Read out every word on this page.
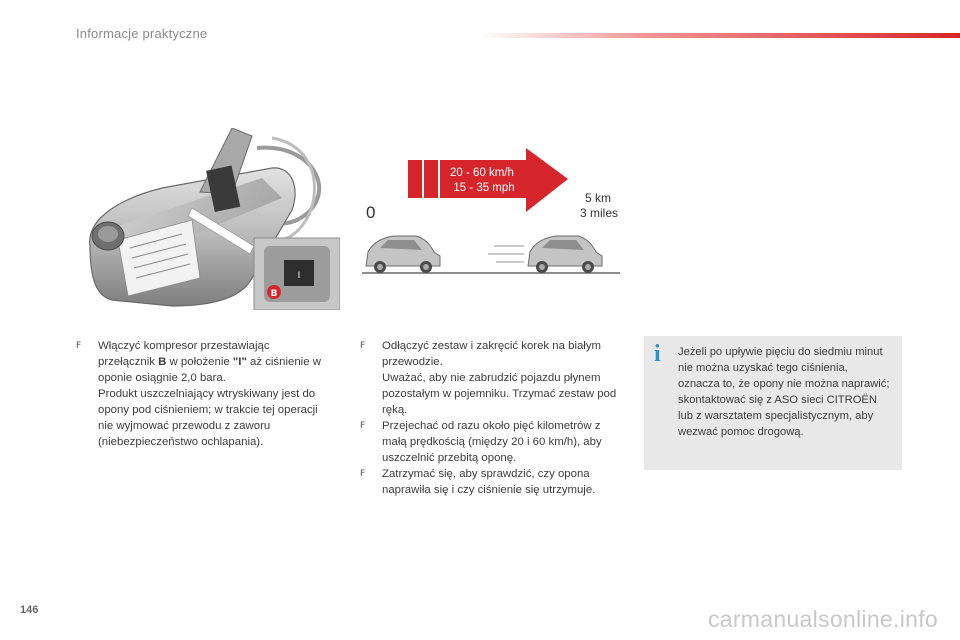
Informacje praktyczne
I
B
20 - 60 km/h
15 - 35 mph
0
5 km
3 miles
F Włączyć kompresor przestawiając przełącznik B w położenie "I" aż ciśnienie w oponie osiągnie 2,0 bara.

Produkt uszczelniający wtryskiwany jest do opony pod ciśnieniem; w trakcie tej operacji nie wyjmować przewodu z zaworu (niebezpieczeństwo ochlapania).

F Odłączyć zestaw i zakręcić korek na białym przewodzie.

Uważać, aby nie zabrudzić pojazdu płynem pozostałym w pojemniku. Trzymać zestaw pod ręką.

F Przejechać od razu około pięć kilometrów z małą prędkością (między 20 i 60 km/h), aby uszczelnić przebitą oponę.

F Zatrzymać się, aby sprawdzić, czy opona naprawiła się i czy ciśnienie się utrzymuje.

i	Jeżeli po upływie pięciu do siedmiu minut nie można uzyskać tego ciśnienia, oznacza to, że opony nie można naprawić; skontaktować się z ASO sieci CITROËN lub z warsztatem specjalistycznym, aby wezwać pomoc drogową.
146	carmanualsonline.info
